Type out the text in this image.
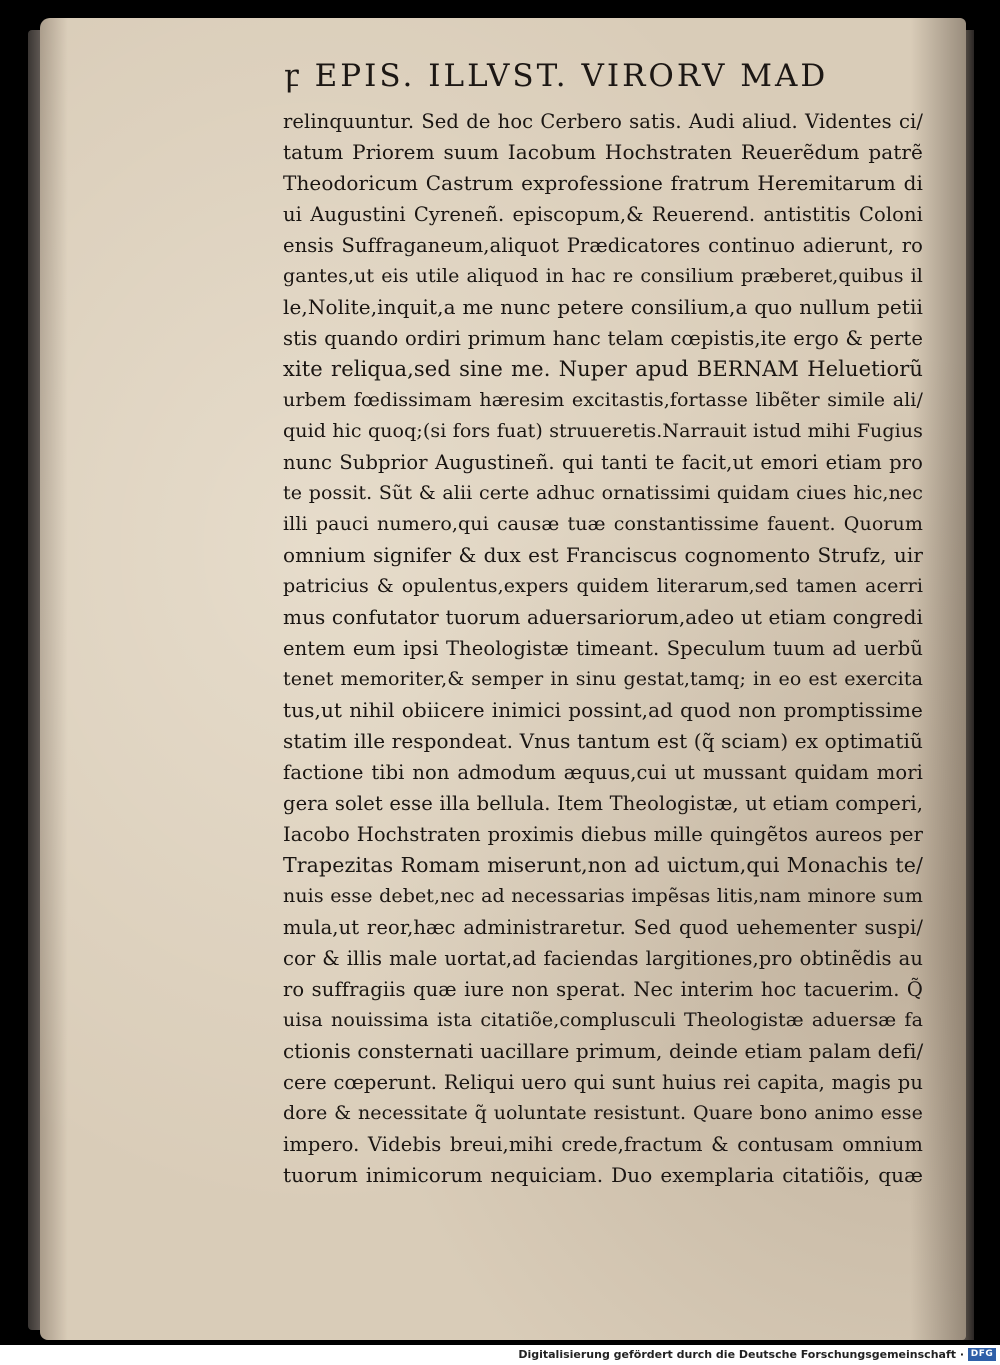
ꝼ EPIS. ILLVST. VIRORV MAD
relinquuntur. Sed de hoc Cerbero satis. Audi aliud. Videntes ci/
tatum Priorem suum Iacobum Hochstraten Reuerẽdum patrẽ
Theodoricum Castrum exprofessione fratrum Heremitarum di
ui Augustini Cyreneñ. episcopum,& Reuerend. antistitis Coloni
ensis Suffraganeum,aliquot Prædicatores continuo adierunt, ro
gantes,ut eis utile aliquod in hac re consilium præberet,quibus il
le,Nolite,inquit,a me nunc petere consilium,a quo nullum petii
stis quando ordiri primum hanc telam cœpistis,ite ergo & perte
xite reliqua,sed sine me. Nuper apud BERNAM Heluetiorũ
urbem fœdissimam hæresim excitastis,fortasse libẽter simile ali/
quid hic quoq;(si fors fuat) struueretis.Narrauit istud mihi Fugius
nunc Subprior Augustineñ. qui tanti te facit,ut emori etiam pro
te possit. Sũt & alii certe adhuc ornatissimi quidam ciues hic,nec
illi pauci numero,qui causæ tuæ constantissime fauent. Quorum
omnium signifer & dux est Franciscus cognomento Strufz, uir
patricius & opulentus,expers quidem literarum,sed tamen acerri
mus confutator tuorum aduersariorum,adeo ut etiam congredi
entem eum ipsi Theologistæ timeant. Speculum tuum ad uerbũ
tenet memoriter,& semper in sinu gestat,tamq; in eo est exercita
tus,ut nihil obiicere inimici possint,ad quod non promptissime
statim ille respondeat. Vnus tantum est (q̃ sciam) ex optimatiũ
factione tibi non admodum æquus,cui ut mussant quidam mori
gera solet esse illa bellula. Item Theologistæ, ut etiam comperi,
Iacobo Hochstraten proximis diebus mille quingẽtos aureos per
Trapezitas Romam miserunt,non ad uictum,qui Monachis te/
nuis esse debet,nec ad necessarias impẽsas litis,nam minore sum
mula,ut reor,hæc administraretur. Sed quod uehementer suspi/
cor & illis male uortat,ad faciendas largitiones,pro obtinẽdis au
ro suffragiis quæ iure non sperat. Nec interim hoc tacuerim. Q̃
uisa nouissima ista citatiõe,complusculi Theologistæ aduersæ fa
ctionis consternati uacillare primum, deinde etiam palam defi/
cere cœperunt. Reliqui uero qui sunt huius rei capita, magis pu
dore & necessitate q̃ uoluntate resistunt. Quare bono animo esse
impero. Videbis breui,mihi crede,fractum & contusam omnium
tuorum inimicorum nequiciam. Duo exemplaria citatiõis, quæ
Digitalisierung gefördert durch die Deutsche Forschungsgemeinschaft · DFG
